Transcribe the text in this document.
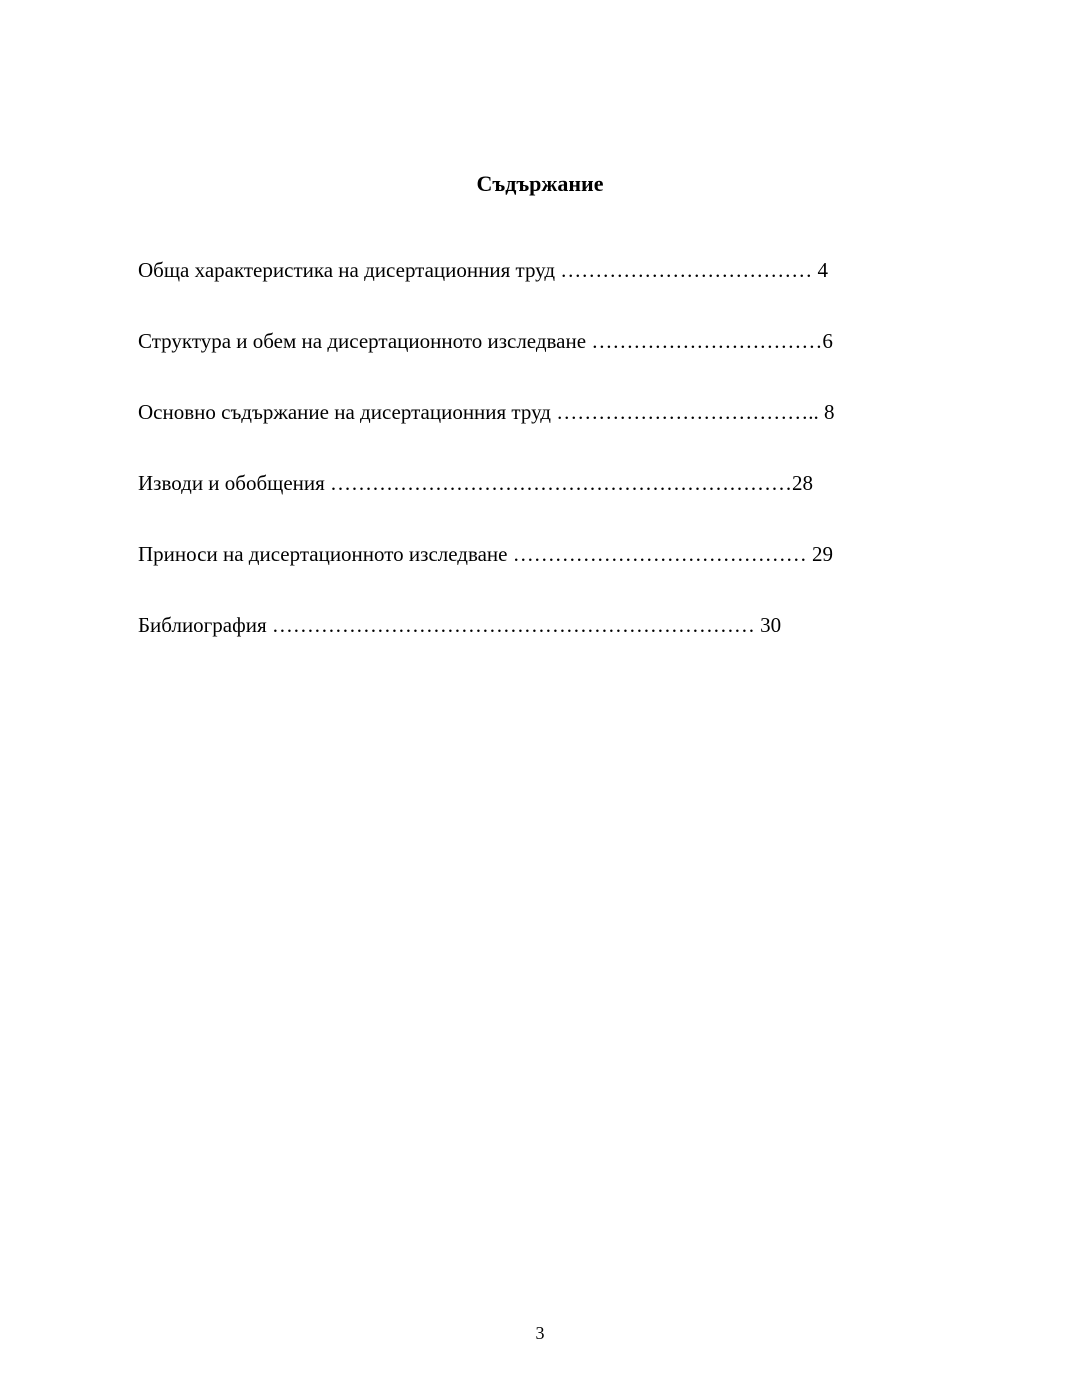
Съдържание
Обща характеристика на дисертационния труд ……………………………… 4
Структура и обем на дисертационното изследване ……………………………6
Основно съдържание на дисертационния труд ……………………………….. 8
Изводи и обобщения …………………………………………………………28
Приноси на дисертационното изследване …………………………………… 29
Библиография …………………………………………………………… 30
3
